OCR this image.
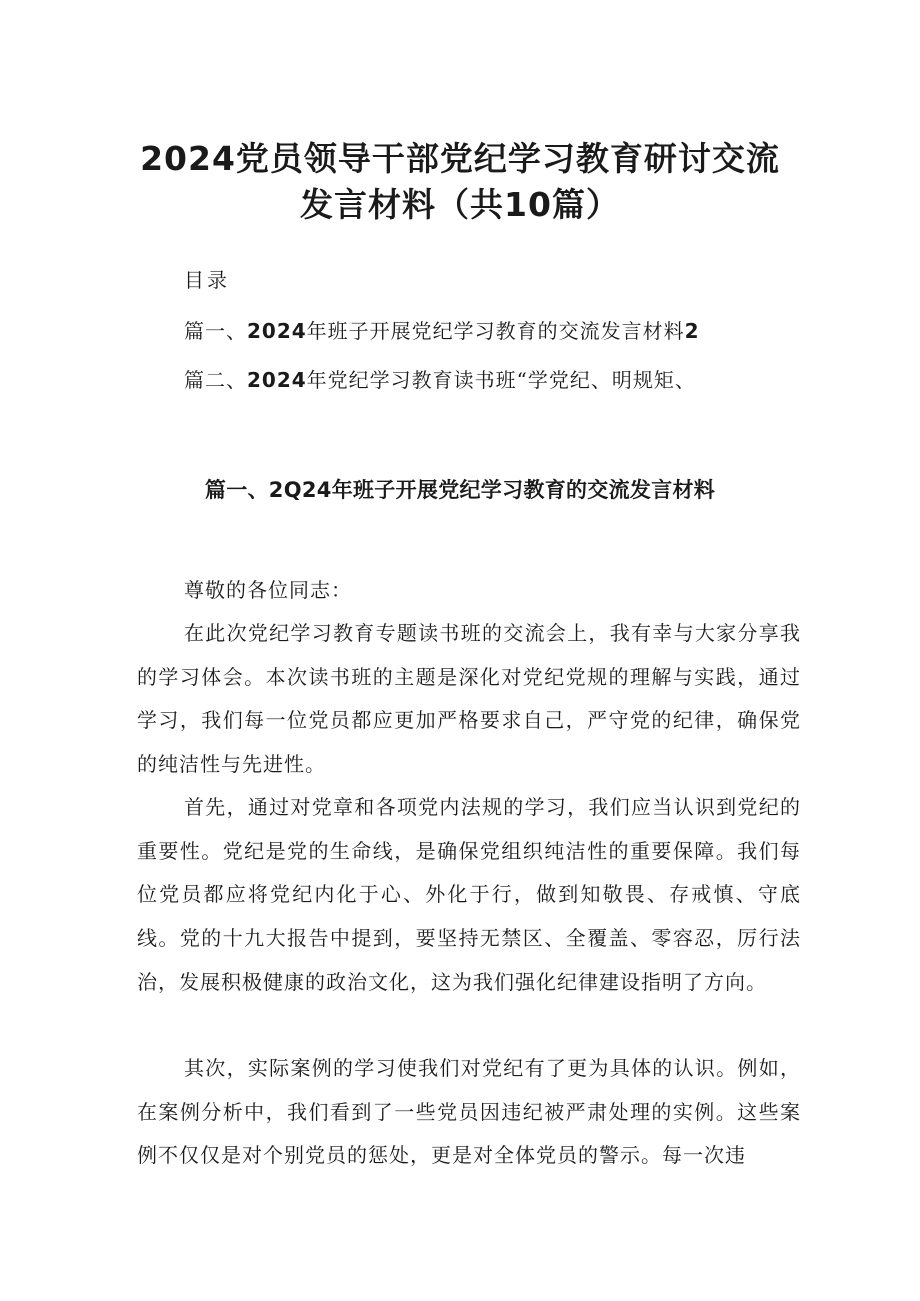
2024党员领导干部党纪学习教育研讨交流
发言材料（共10篇）

目录

篇一、2024年班子开展党纪学习教育的交流发言材料2

篇二、2024年党纪学习教育读书班“学党纪、明规矩、

篇一、2Q24年班子开展党纪学习教育的交流发言材料

尊敬的各位同志：

在此次党纪学习教育专题读书班的交流会上，我有幸与大家分享我的学习体会。本次读书班的主题是深化对党纪党规的理解与实践，通过学习，我们每一位党员都应更加严格要求自己，严守党的纪律，确保党的纯洁性与先进性。

首先，通过对党章和各项党内法规的学习，我们应当认识到党纪的重要性。党纪是党的生命线，是确保党组织纯洁性的重要保障。我们每位党员都应将党纪内化于心、外化于行，做到知敬畏、存戒慎、守底线。党的十九大报告中提到，要坚持无禁区、全覆盖、零容忍，厉行法治，发展积极健康的政治文化，这为我们强化纪律建设指明了方向。

其次，实际案例的学习使我们对党纪有了更为具体的认识。例如，在案例分析中，我们看到了一些党员因违纪被严肃处理的实例。这些案例不仅仅是对个别党员的惩处，更是对全体党员的警示。每一次违
